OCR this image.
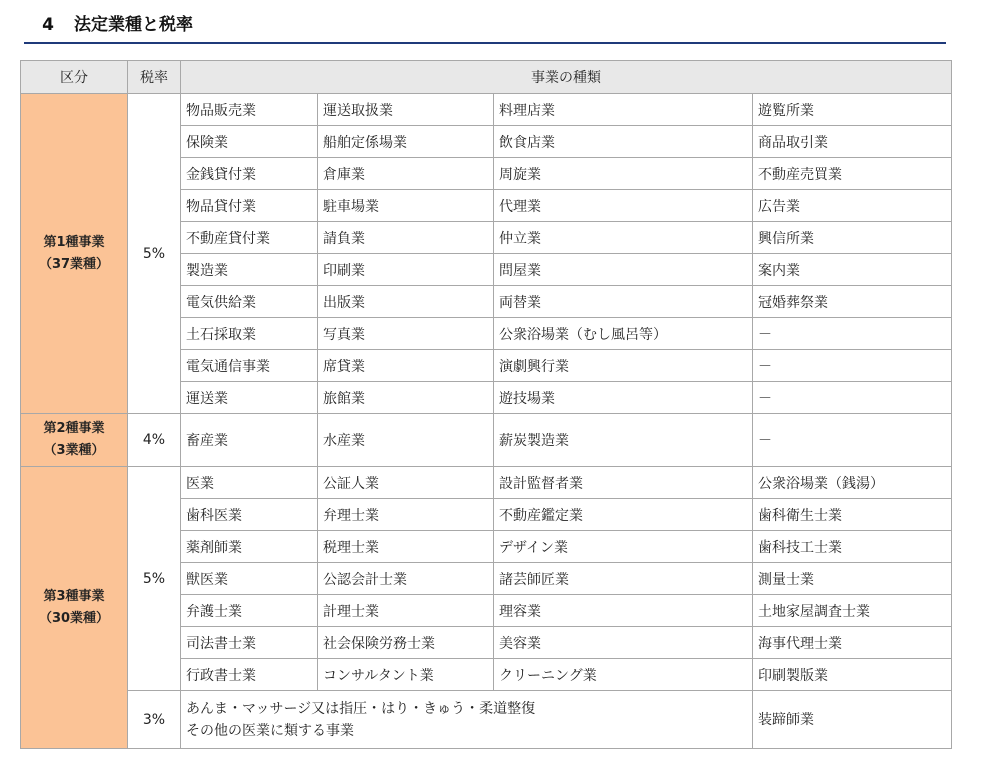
4 法定業種と税率
区分	税率	事業の種類			

第1種事業
（37業種）	5%	物品販売業	運送取扱業	料理店業	遊覧所業
		保険業	船舶定係場業	飲食店業	商品取引業
		金銭貸付業	倉庫業	周旋業	不動産売買業
		物品貸付業	駐車場業	代理業	広告業
		不動産貸付業	請負業	仲立業	興信所業
		製造業	印刷業	問屋業	案内業
		電気供給業	出版業	両替業	冠婚葬祭業
		土石採取業	写真業	公衆浴場業（むし風呂等）	－
		電気通信事業	席貸業	演劇興行業	－
		運送業	旅館業	遊技場業	－

第2種事業
（3業種）	4%	畜産業	水産業	薪炭製造業	－

第3種事業
（30業種）	5%	医業	公証人業	設計監督者業	公衆浴場業（銭湯）
		歯科医業	弁理士業	不動産鑑定業	歯科衛生士業
		薬剤師業	税理士業	デザイン業	歯科技工士業
		獣医業	公認会計士業	諸芸師匠業	測量士業
		弁護士業	計理士業	理容業	土地家屋調査士業
		司法書士業	社会保険労務士業	美容業	海事代理士業
		行政書士業	コンサルタント業	クリーニング業	印刷製版業
	3%	あんま・マッサージ又は指圧・はり・きゅう・柔道整復
その他の医業に類する事業			装蹄師業
